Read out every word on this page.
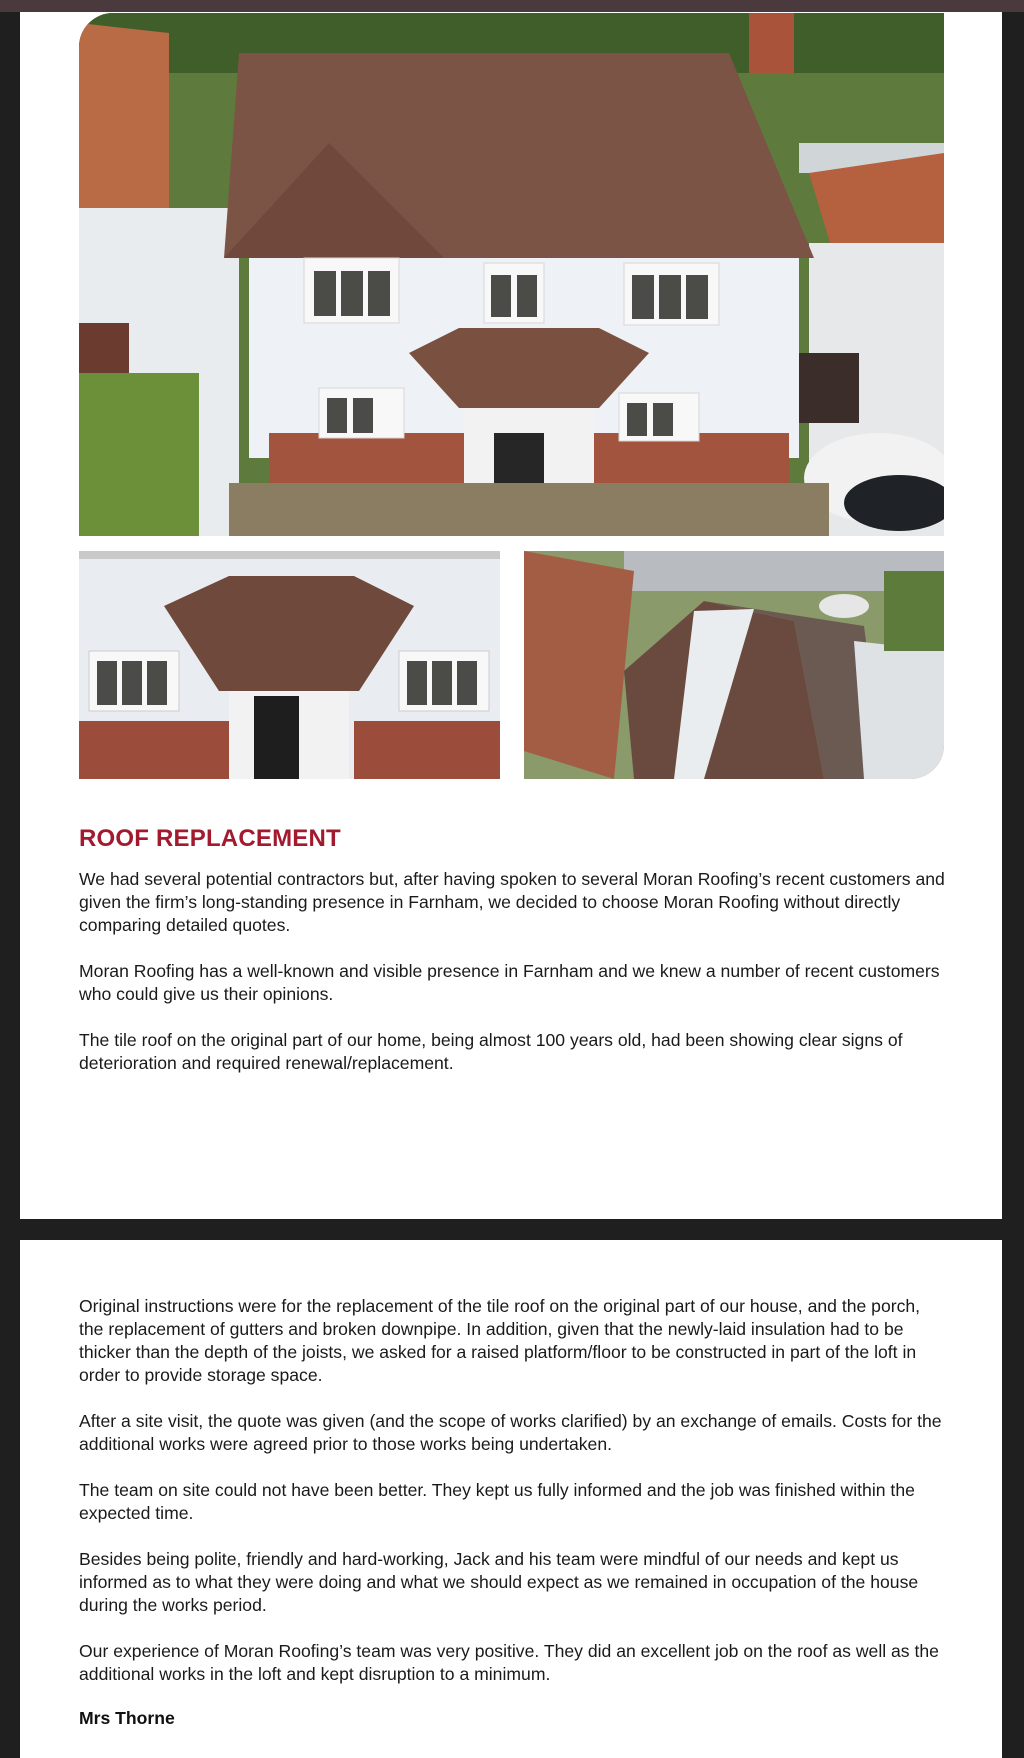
ROOF REPLACEMENT

We had several potential contractors but, after having spoken to several Moran Roofing’s recent customers and given the firm’s long-standing presence in Farnham, we decided to choose Moran Roofing without directly comparing detailed quotes.

Moran Roofing has a well-known and visible presence in Farnham and we knew a number of recent customers who could give us their opinions.

The tile roof on the original part of our home, being almost 100 years old, had been showing clear signs of deterioration and required renewal/replacement.

Original instructions were for the replacement of the tile roof on the original part of our house, and the porch, the replacement of gutters and broken downpipe. In addition, given that the newly-laid insulation had to be thicker than the depth of the joists, we asked for a raised platform/floor to be constructed in part of the loft in order to provide storage space.

After a site visit, the quote was given (and the scope of works clarified) by an exchange of emails. Costs for the additional works were agreed prior to those works being undertaken.

The team on site could not have been better. They kept us fully informed and the job was finished within the expected time.

Besides being polite, friendly and hard-working, Jack and his team were mindful of our needs and kept us informed as to what they were doing and what we should expect as we remained in occupation of the house during the works period.

Our experience of Moran Roofing’s team was very positive. They did an excellent job on the roof as well as the additional works in the loft and kept disruption to a minimum.

Mrs Thorne
